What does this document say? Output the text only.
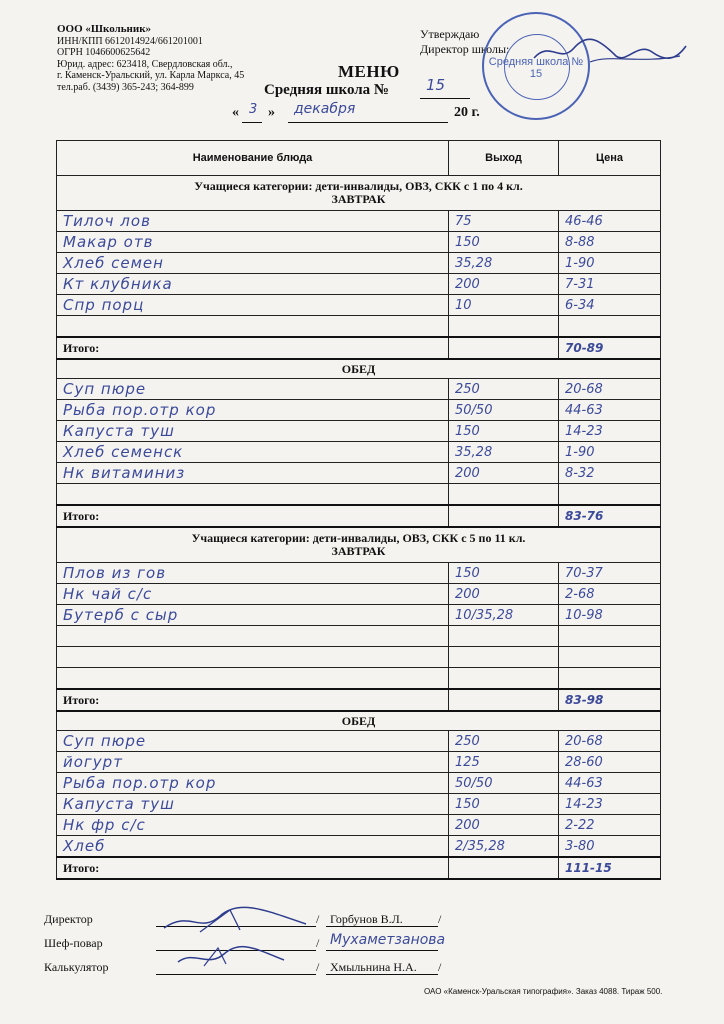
ООО «Школьник»
ИНН/КПП 6612014924/661201001
ОГРН 1046600625642
Юрид. адрес: 623418, Свердловская обл.,
г. Каменск-Уральский, ул. Карла Маркса, 45
тел.раб. (3439) 365-243; 364-899
Утверждаю
Директор школы:
Средняя школа № 15
МЕНЮ
Средняя школа № 15
« 3 » декабря	20 г.
Наименование блюда	Выход	Цена

Учащиеся категории: дети-инвалиды, ОВЗ, СКК с 1 по 4 кл.
ЗАВТРАК		

Тилоч лов	75	46-46
Макар отв	150	8-88
Хлеб семен	35,28	1-90
Кт клубника	200	7-31
Спр порц	10	6-34

Итого:		70-89
ОБЕД		
Суп пюре	250	20-68
Рыба пор.отр кор	50/50	44-63
Капуста туш	150	14-23
Хлеб семенск	35,28	1-90
Нк витаминиз	200	8-32

Итого:		83-76

Учащиеся категории: дети-инвалиды, ОВЗ, СКК с 5 по 11 кл.
ЗАВТРАК		

Плов из гов	150	70-37
Нк чай с/с	200	2-68
Бутерб с сыр	10/35,28	10-98

Итого:		83-98
ОБЕД		
Суп пюре	250	20-68
йогурт	125	28-60
Рыба пор.отр кор	50/50	44-63
Капуста туш	150	14-23
Нк фр с/с	200	2-22
Хлеб	2/35,28	3-80
Итого:		111-15
Директор	/ Горбунов В.Л.	/
Шеф-повар	/ Мухаметзанова
Калькулятор	/ Хмыльнина Н.А. /
ОАО «Каменск-Уральская типография». Заказ 4088. Тираж 500.
